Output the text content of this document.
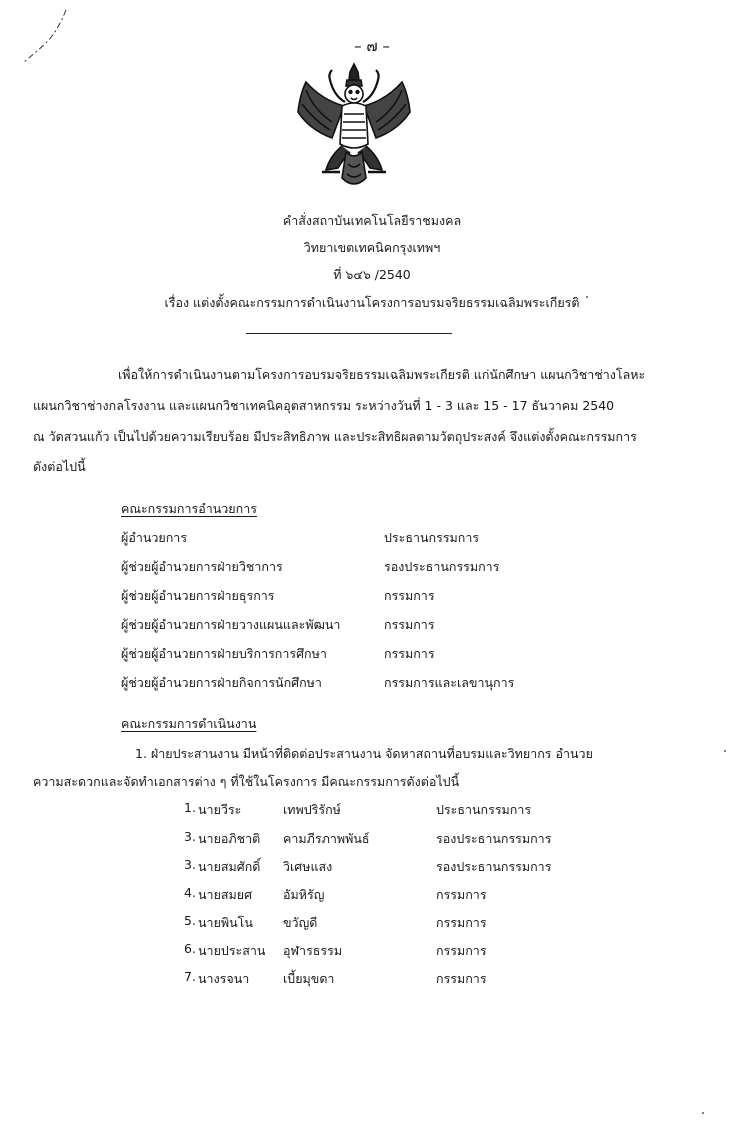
– ๗ –
คำสั่งสถาบันเทคโนโลยีราชมงคล
วิทยาเขตเทคนิคกรุงเทพฯ
ที่ ๖๔๖ /2540
เรื่อง แต่งตั้งคณะกรรมการดำเนินงานโครงการอบรมจริยธรรมเฉลิมพระเกียรติ
เพื่อให้การดำเนินงานตามโครงการอบรมจริยธรรมเฉลิมพระเกียรติ แก่นักศึกษา แผนกวิชาช่างโลหะ
แผนกวิชาช่างกลโรงงาน และแผนกวิชาเทคนิคอุตสาหกรรม ระหว่างวันที่ 1 - 3 และ 15 - 17 ธันวาคม 2540
ณ วัดสวนแก้ว เป็นไปด้วยความเรียบร้อย มีประสิทธิภาพ และประสิทธิผลตามวัตถุประสงค์ จึงแต่งตั้งคณะกรรมการ
ดังต่อไปนี้
คณะกรรมการอำนวยการ
ผู้อำนวยการ	ประธานกรรมการ
ผู้ช่วยผู้อำนวยการฝ่ายวิชาการ	รองประธานกรรมการ
ผู้ช่วยผู้อำนวยการฝ่ายธุรการ	กรรมการ
ผู้ช่วยผู้อำนวยการฝ่ายวางแผนและพัฒนา	กรรมการ
ผู้ช่วยผู้อำนวยการฝ่ายบริการการศึกษา	กรรมการ
ผู้ช่วยผู้อำนวยการฝ่ายกิจการนักศึกษา	กรรมการและเลขานุการ
คณะกรรมการดำเนินงาน
1. ฝ่ายประสานงาน มีหน้าที่ติดต่อประสานงาน จัดหาสถานที่อบรมและวิทยากร อำนวย
ความสะดวกและจัดทำเอกสารต่าง ๆ ที่ใช้ในโครงการ มีคณะกรรมการดังต่อไปนี้
1. นายวีระ	เทพปริรักษ์	ประธานกรรมการ
3. นายอภิชาติ คามภีรภาพพันธ์	รองประธานกรรมการ
3. นายสมศักดิ์ วิเศษแสง	รองประธานกรรมการ
4. นายสมยศ อัมหิรัญ	กรรมการ
5. นายพินโน ขวัญดี	กรรมการ
6. นายประสาน อุฬารธรรม	กรรมการ
7. นางรจนา	เบี้ยมุขดา	กรรมการ
